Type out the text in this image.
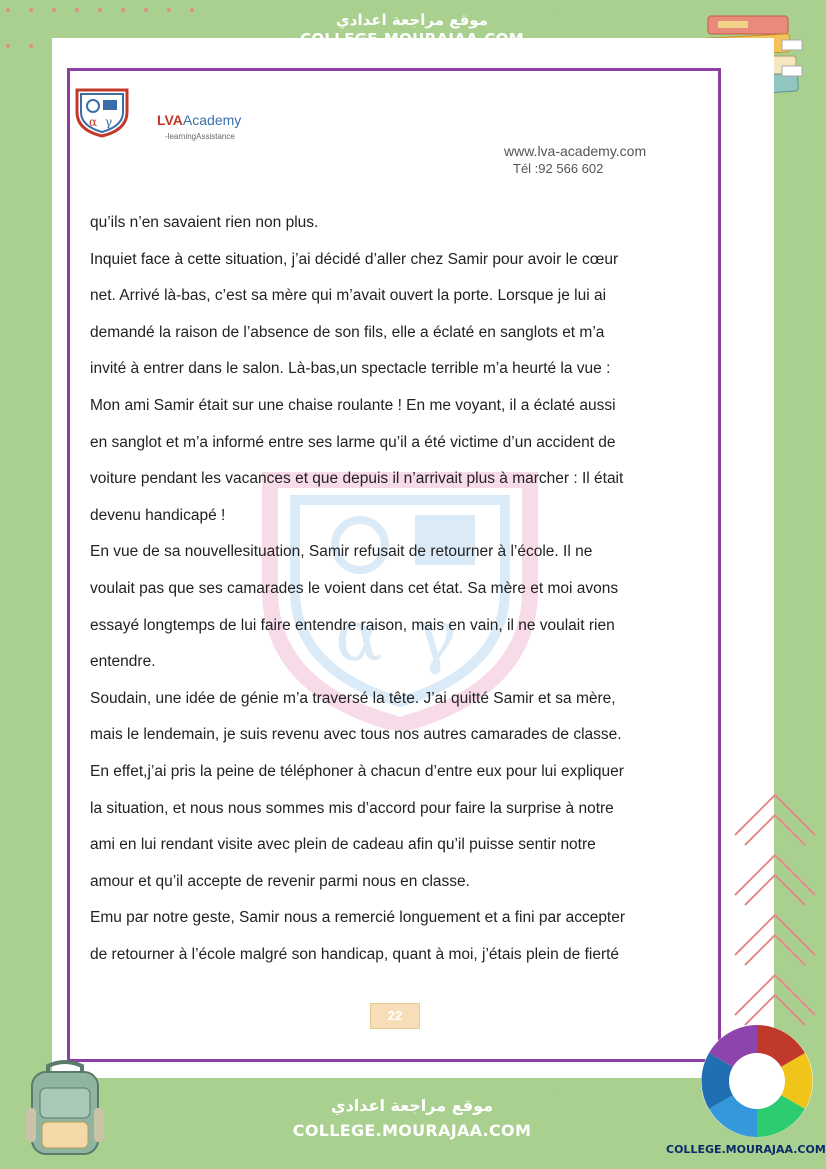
موقع مراجعة اعدادي
α γ	LVAAcademy
-learningAssistance
www.lva-academy.com
Tél :92 566 602
α γ

qu’ils n’en savaient rien non plus.

Inquiet face à cette situation, j’ai décidé d’aller chez Samir pour avoir le cœur

net. Arrivé là-bas, c’est sa mère qui m’avait ouvert la porte. Lorsque je lui ai

demandé la raison de l’absence de son fils, elle a éclaté en sanglots et m’a

invité à entrer dans le salon. Là-bas,un spectacle terrible m’a heurté la vue :

Mon ami Samir était sur une chaise roulante ! En me voyant, il a éclaté aussi

en sanglot et m’a informé entre ses larme qu’il a été victime d’un accident de

voiture pendant les vacances et que depuis il n’arrivait plus à marcher : Il était

devenu handicapé !

En vue de sa nouvellesituation, Samir refusait de retourner à l’école. Il ne

voulait pas que ses camarades le voient dans cet état. Sa mère et moi avons

essayé longtemps de lui faire entendre raison, mais en vain, il ne voulait rien

entendre.

Soudain, une idée de génie m’a traversé la tête. J’ai quitté Samir et sa mère,

mais le lendemain, je suis revenu avec tous nos autres camarades de classe.

En effet,j’ai pris la peine de téléphoner à chacun d’entre eux pour lui expliquer

la situation, et nous nous sommes mis d’accord pour faire la surprise à notre

ami en lui rendant visite avec plein de cadeau afin qu’il puisse sentir notre

amour et qu’il accepte de revenir parmi nous en classe.

Emu par notre geste, Samir nous a remercié longuement et a fini par accepter

de retourner à l’école malgré son handicap, quant à moi, j’étais plein de fierté

22
موقع مراجعة اعدادي
COLLEGE.MOURAJAA.COM
COLLEGE.MOURAJAA.COM
